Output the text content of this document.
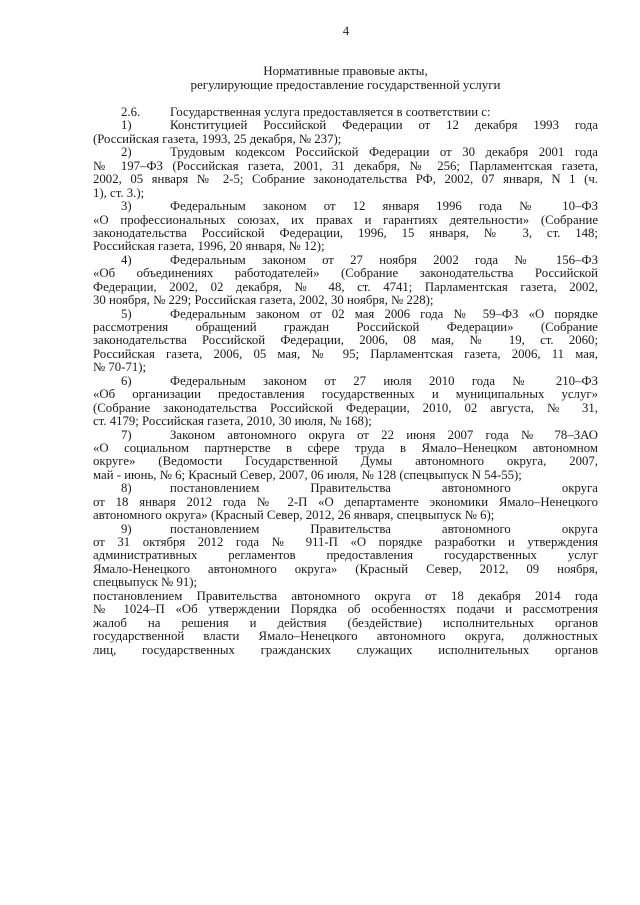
4
Нормативные правовые акты,
регулирующие предоставление государственной услуги
2.6. Государственная услуга предоставляется в соответствии с:
1)	Конституцией Российской Федерации от 12 декабря 1993 года
(Российская газета, 1993, 25 декабря, № 237);
2)	Трудовым кодексом Российской Федерации от 30 декабря 2001 года
№ 197–ФЗ (Российская газета, 2001, 31 декабря, № 256; Парламентская газета,
2002, 05 января № 2-5; Собрание законодательства РФ, 2002, 07 января, N 1 (ч.
1), ст. 3.);
3)	Федеральным законом от 12 января 1996 года № 10–ФЗ
«О профессиональных союзах, их правах и гарантиях деятельности» (Собрание
законодательства Российской Федерации, 1996, 15 января, № 3, ст. 148;
Российская газета, 1996, 20 января, № 12);
4)	Федеральным законом от 27 ноября 2002 года № 156–ФЗ
«Об объединениях работодателей» (Собрание законодательства Российской
Федерации, 2002, 02 декабря, № 48, ст. 4741; Парламентская газета, 2002,
30 ноября, № 229; Российская газета, 2002, 30 ноября, № 228);
5)	Федеральным законом от 02 мая 2006 года № 59–ФЗ «О порядке
рассмотрения обращений граждан Российской Федерации» (Собрание
законодательства Российской Федерации, 2006, 08 мая, № 19, ст. 2060;
Российская газета, 2006, 05 мая, № 95; Парламентская газета, 2006, 11 мая,
№ 70-71);
6)	Федеральным законом от 27 июля 2010 года № 210–ФЗ
«Об организации предоставления государственных и муниципальных услуг»
(Собрание законодательства Российской Федерации, 2010, 02 августа, № 31,
ст. 4179; Российская газета, 2010, 30 июля, № 168);
7)	Законом автономного округа от 22 июня 2007 года № 78–ЗАО
«О социальном партнерстве в сфере труда в Ямало–Ненецком автономном
округе» (Ведомости Государственной Думы автономного округа, 2007,
май - июнь, № 6; Красный Север, 2007, 06 июля, № 128 (спецвыпуск N 54-55);
8)	постановлением Правительства автономного округа
от 18 января 2012 года № 2-П «О департаменте экономики Ямало–Ненецкого
автономного округа» (Красный Север, 2012, 26 января, спецвыпуск № 6);
9)	постановлением Правительства автономного округа
от 31 октября 2012 года № 911-П «О порядке разработки и утверждения
административных регламентов предоставления государственных услуг
Ямало-Ненецкого автономного округа» (Красный Север, 2012, 09 ноября,
спецвыпуск № 91);
постановлением Правительства автономного округа от 18 декабря 2014 года
№ 1024–П «Об утверждении Порядка об особенностях подачи и рассмотрения
жалоб на решения и действия (бездействие) исполнительных органов
государственной власти Ямало–Ненецкого автономного округа, должностных
лиц, государственных гражданских служащих исполнительных органов
